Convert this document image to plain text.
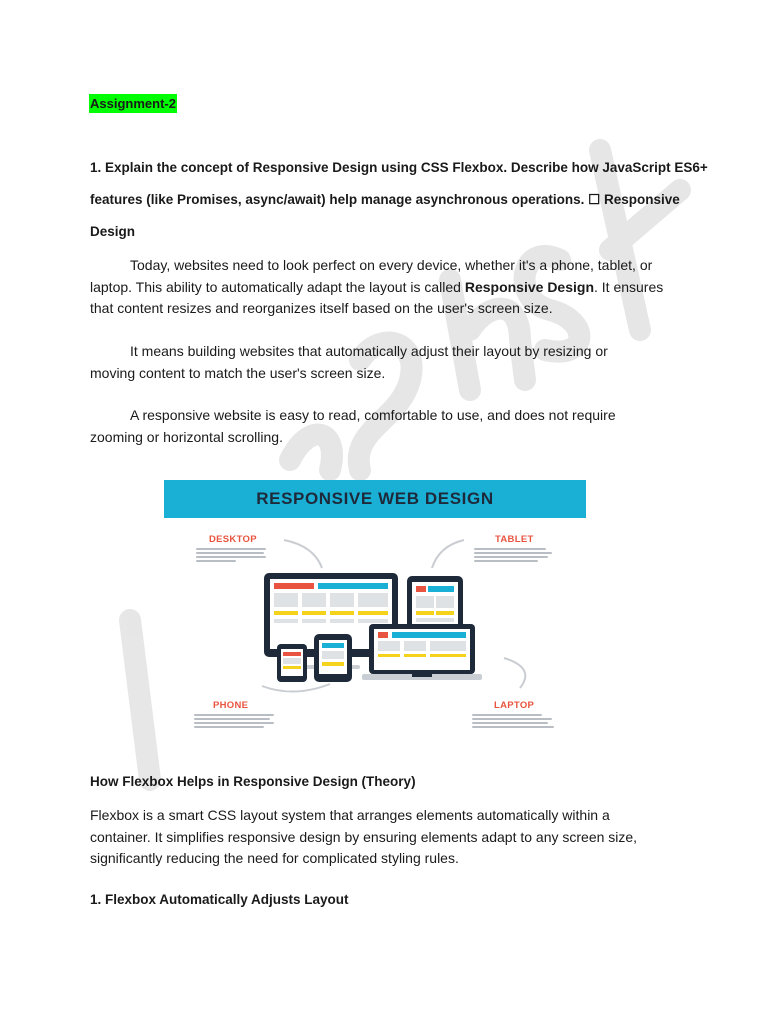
Assignment-2
1. Explain the concept of Responsive Design using CSS Flexbox. Describe how JavaScript ES6+
features (like Promises, async/await) help manage asynchronous operations. ☐ Responsive
Design
Today, websites need to look perfect on every device, whether it's a phone, tablet, or laptop. This ability to automatically adapt the layout is called Responsive Design. It ensures that content resizes and reorganizes itself based on the user's screen size.
It means building websites that automatically adjust their layout by resizing or moving content to match the user's screen size.
A responsive website is easy to read, comfortable to use, and does not require zooming or horizontal scrolling.
RESPONSIVE WEB DESIGN
DESKTOP	TABLET
PHONE	LAPTOP
How Flexbox Helps in Responsive Design (Theory)
Flexbox is a smart CSS layout system that arranges elements automatically within a container. It simplifies responsive design by ensuring elements adapt to any screen size, significantly reducing the need for complicated styling rules.
1. Flexbox Automatically Adjusts Layout
